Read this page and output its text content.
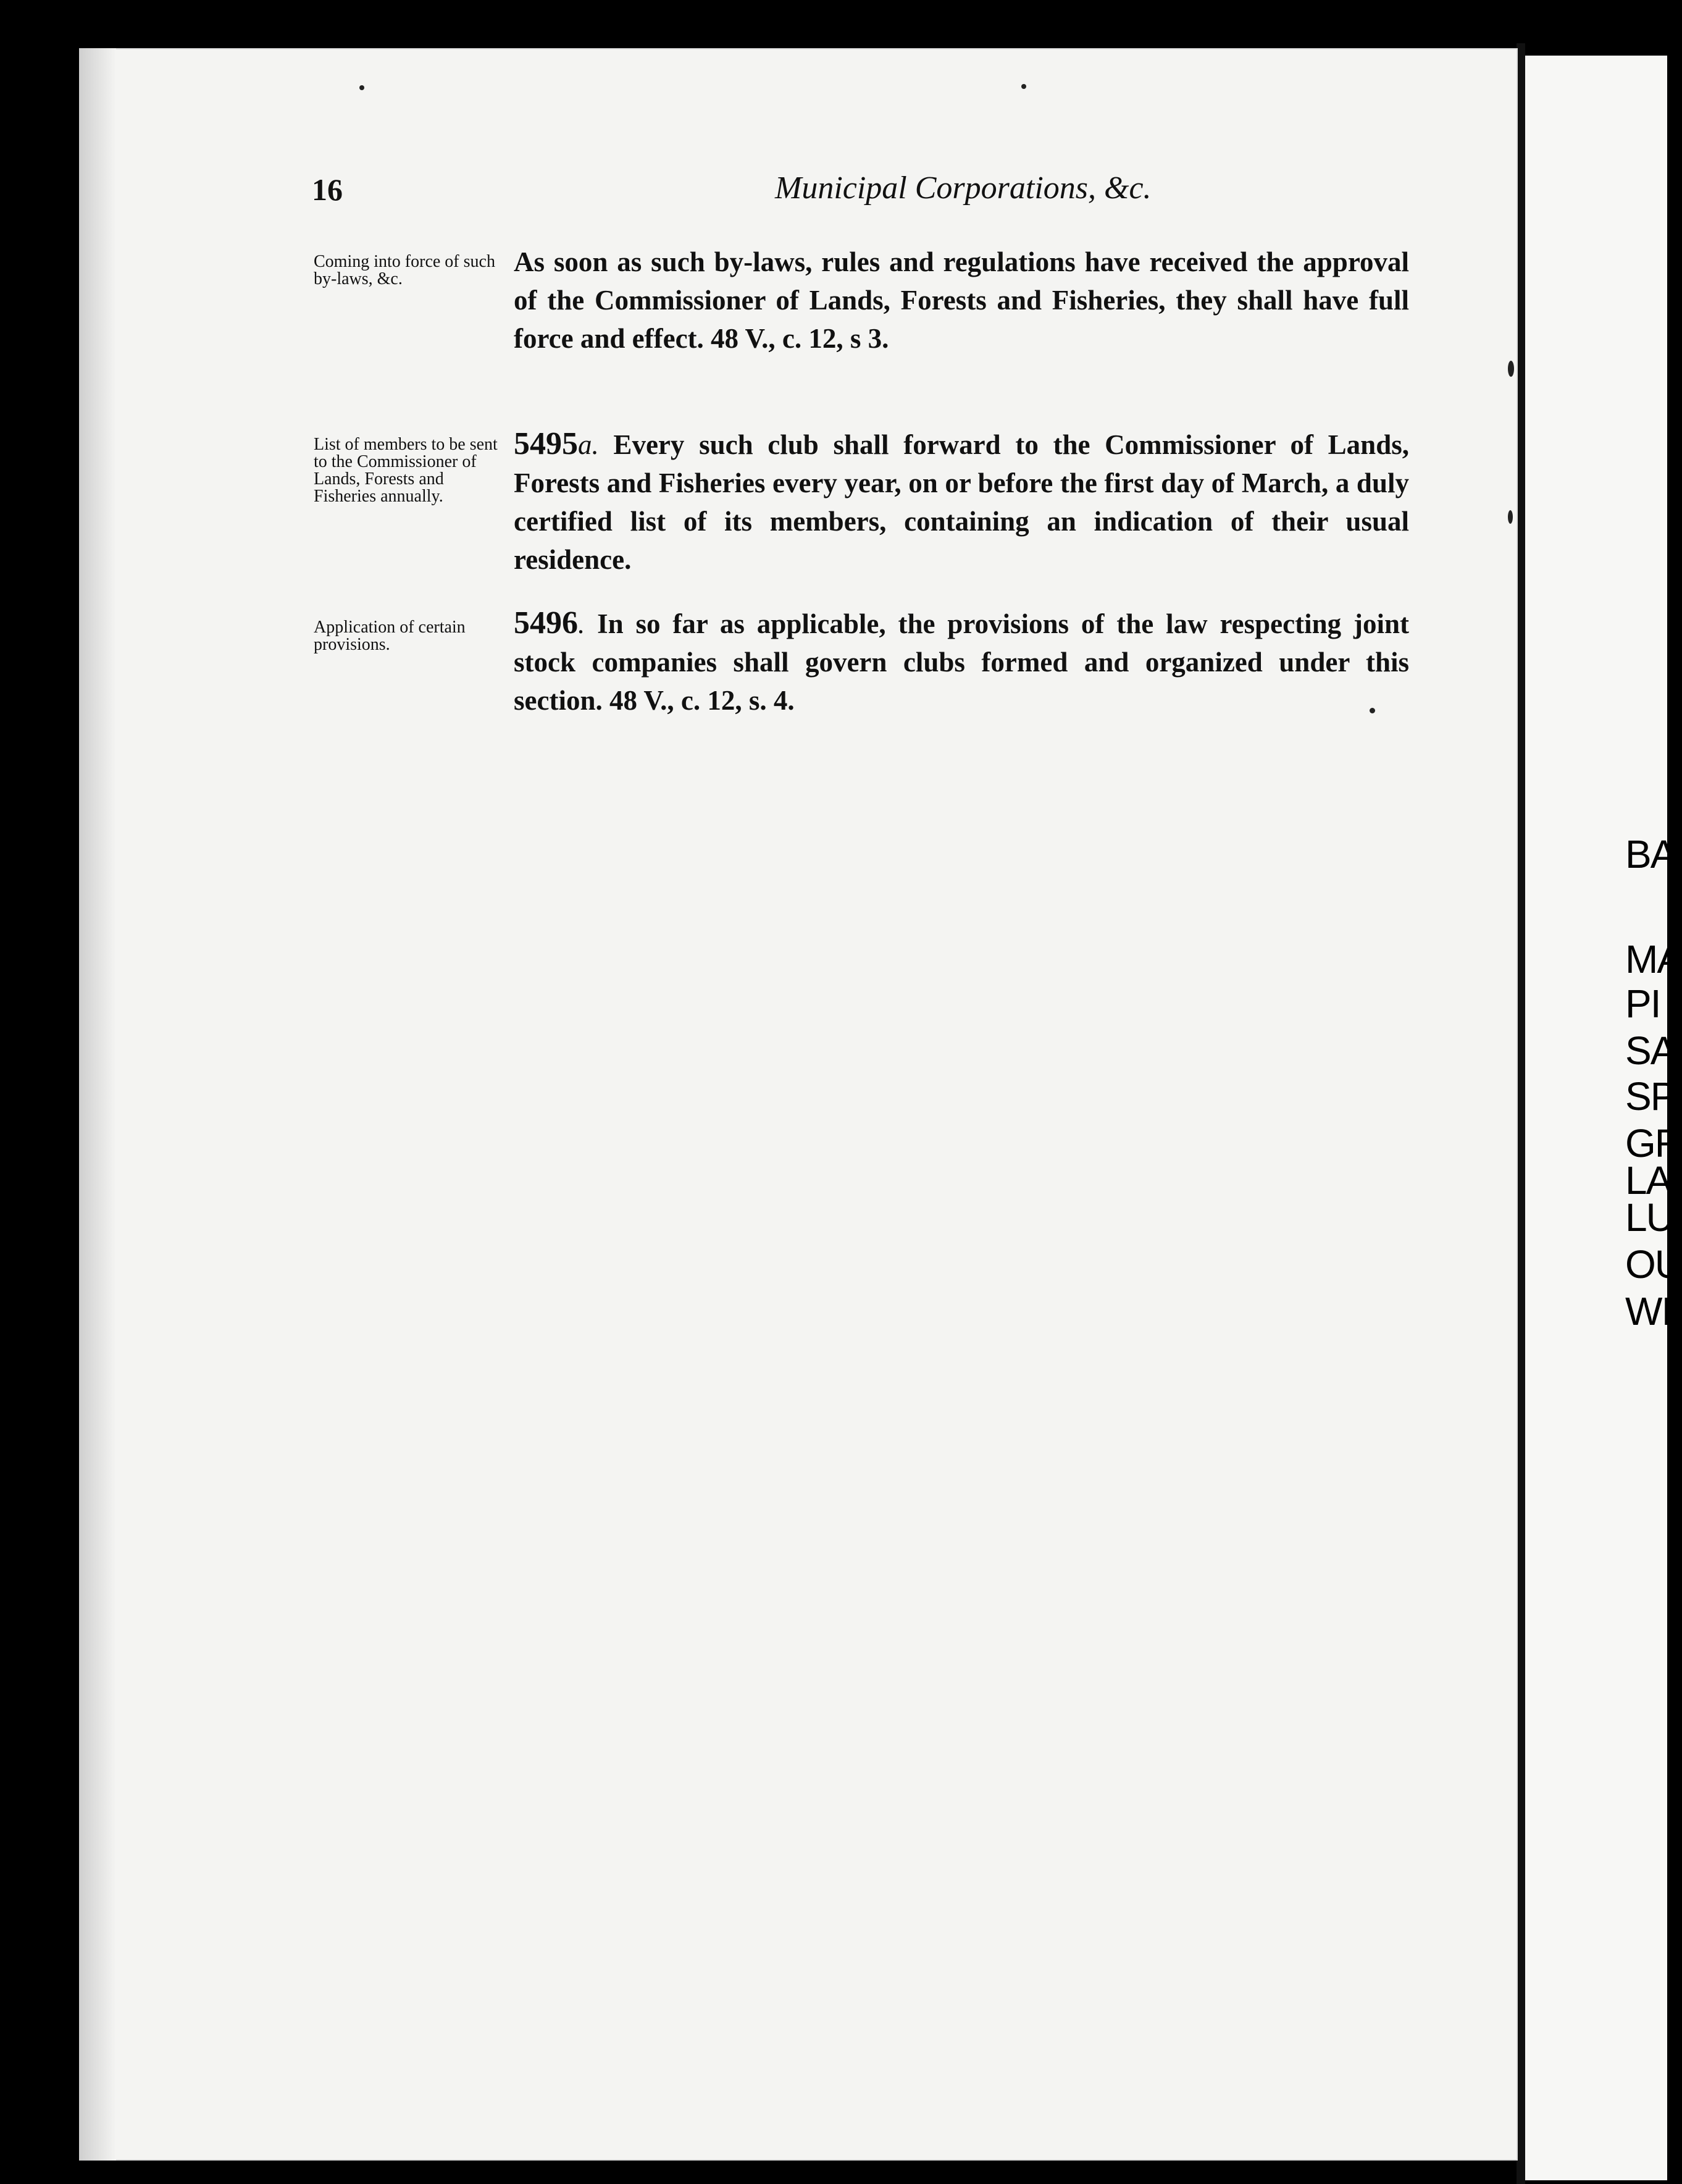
16	Municipal Corporations, &c.
Coming into force of such by-laws, &c.
As soon as such by-laws, rules and regulations have received the approval of the Commissioner of Lands, Forests and Fisheries, they shall have full force and effect. 48 V., c. 12, s 3.
List of members to be sent to the Commissioner of Lands, Forests and Fisheries annually.
5495a. Every such club shall forward to the Commissioner of Lands, Forests and Fisheries every year, on or before the first day of March, a duly certified list of its members, containing an indication of their usual residence.
Application of certain provisions.
5496. In so far as applicable, the provisions of the law respecting joint stock companies shall govern clubs formed and organized under this section. 48 V., c. 12, s. 4.
BA
MA
PI
SA
SP
GR
LA
LU
OU
WI
